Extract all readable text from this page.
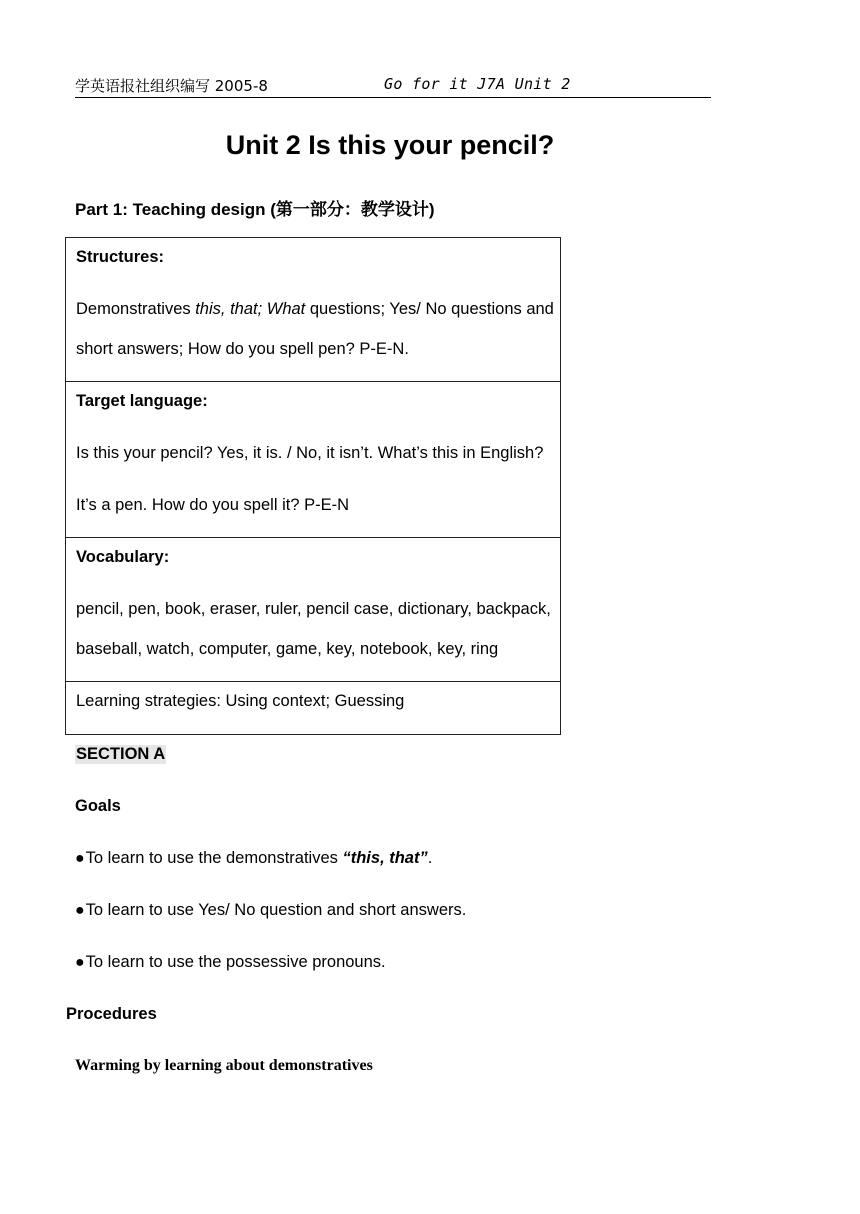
学英语报社组织编写 2005-8	Go for it J7A Unit 2
Unit 2 Is this your pencil?
Part 1: Teaching design (第一部分：教学设计)
Structures:
Demonstratives this, that; What questions; Yes/ No questions and
short answers; How do you spell pen? P-E-N.
Target language:
Is this your pencil? Yes, it is. / No, it isn’t. What’s this in English?
It’s a pen. How do you spell it? P-E-N
Vocabulary:
pencil, pen, book, eraser, ruler, pencil case, dictionary, backpack,
baseball, watch, computer, game, key, notebook, key, ring
Learning strategies: Using context; Guessing
SECTION A
Goals
●To learn to use the demonstratives “this, that”.
●To learn to use Yes/ No question and short answers.
●To learn to use the possessive pronouns.
Procedures
Warming by learning about demonstratives
